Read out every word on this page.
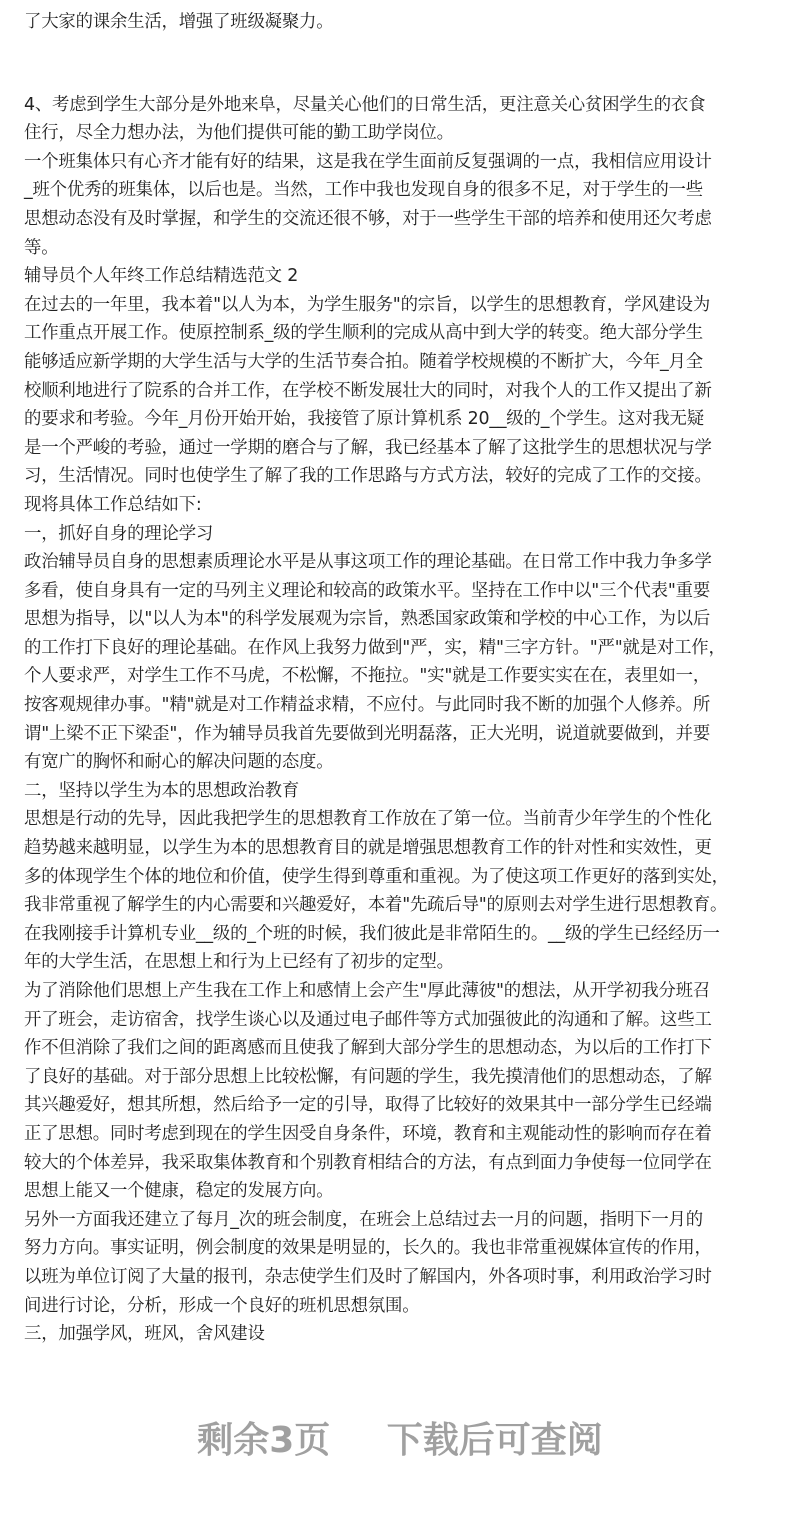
了大家的课余生活，增强了班级凝聚力。
4、考虑到学生大部分是外地来阜，尽量关心他们的日常生活，更注意关心贫困学生的衣食
住行，尽全力想办法，为他们提供可能的勤工助学岗位。
一个班集体只有心齐才能有好的结果，这是我在学生面前反复强调的一点，我相信应用设计
_班个优秀的班集体，以后也是。当然，工作中我也发现自身的很多不足，对于学生的一些
思想动态没有及时掌握，和学生的交流还很不够，对于一些学生干部的培养和使用还欠考虑
等。
辅导员个人年终工作总结精选范文 2
在过去的一年里，我本着"以人为本，为学生服务"的宗旨，以学生的思想教育，学风建设为
工作重点开展工作。使原控制系_级的学生顺利的完成从高中到大学的转变。绝大部分学生
能够适应新学期的大学生活与大学的生活节奏合拍。随着学校规模的不断扩大，今年_月全
校顺利地进行了院系的合并工作，在学校不断发展壮大的同时，对我个人的工作又提出了新
的要求和考验。今年_月份开始开始，我接管了原计算机系 20__级的_个学生。这对我无疑
是一个严峻的考验，通过一学期的磨合与了解，我已经基本了解了这批学生的思想状况与学
习，生活情况。同时也使学生了解了我的工作思路与方式方法，较好的完成了工作的交接。
现将具体工作总结如下:
一，抓好自身的理论学习
政治辅导员自身的思想素质理论水平是从事这项工作的理论基础。在日常工作中我力争多学
多看，使自身具有一定的马列主义理论和较高的政策水平。坚持在工作中以"三个代表"重要
思想为指导，以"以人为本"的科学发展观为宗旨，熟悉国家政策和学校的中心工作，为以后
的工作打下良好的理论基础。在作风上我努力做到"严，实，精"三字方针。"严"就是对工作，
个人要求严，对学生工作不马虎，不松懈，不拖拉。"实"就是工作要实实在在，表里如一，
按客观规律办事。"精"就是对工作精益求精，不应付。与此同时我不断的加强个人修养。所
谓"上梁不正下梁歪"，作为辅导员我首先要做到光明磊落，正大光明，说道就要做到，并要
有宽广的胸怀和耐心的解决问题的态度。
二，坚持以学生为本的思想政治教育
思想是行动的先导，因此我把学生的思想教育工作放在了第一位。当前青少年学生的个性化
趋势越来越明显，以学生为本的思想教育目的就是增强思想教育工作的针对性和实效性，更
多的体现学生个体的地位和价值，使学生得到尊重和重视。为了使这项工作更好的落到实处，
我非常重视了解学生的内心需要和兴趣爱好，本着"先疏后导"的原则去对学生进行思想教育。
在我刚接手计算机专业__级的_个班的时候，我们彼此是非常陌生的。__级的学生已经经历一
年的大学生活，在思想上和行为上已经有了初步的定型。
为了消除他们思想上产生我在工作上和感情上会产生"厚此薄彼"的想法，从开学初我分班召
开了班会，走访宿舍，找学生谈心以及通过电子邮件等方式加强彼此的沟通和了解。这些工
作不但消除了我们之间的距离感而且使我了解到大部分学生的思想动态，为以后的工作打下
了良好的基础。对于部分思想上比较松懈，有问题的学生，我先摸清他们的思想动态，了解
其兴趣爱好，想其所想，然后给予一定的引导，取得了比较好的效果其中一部分学生已经端
正了思想。同时考虑到现在的学生因受自身条件，环境，教育和主观能动性的影响而存在着
较大的个体差异，我采取集体教育和个别教育相结合的方法，有点到面力争使每一位同学在
思想上能又一个健康，稳定的发展方向。
另外一方面我还建立了每月_次的班会制度，在班会上总结过去一月的问题，指明下一月的
努力方向。事实证明，例会制度的效果是明显的，长久的。我也非常重视媒体宣传的作用，
以班为单位订阅了大量的报刊，杂志使学生们及时了解国内，外各项时事，利用政治学习时
间进行讨论，分析，形成一个良好的班机思想氛围。
三，加强学风，班风，舍风建设
剩余3页 下载后可查阅
